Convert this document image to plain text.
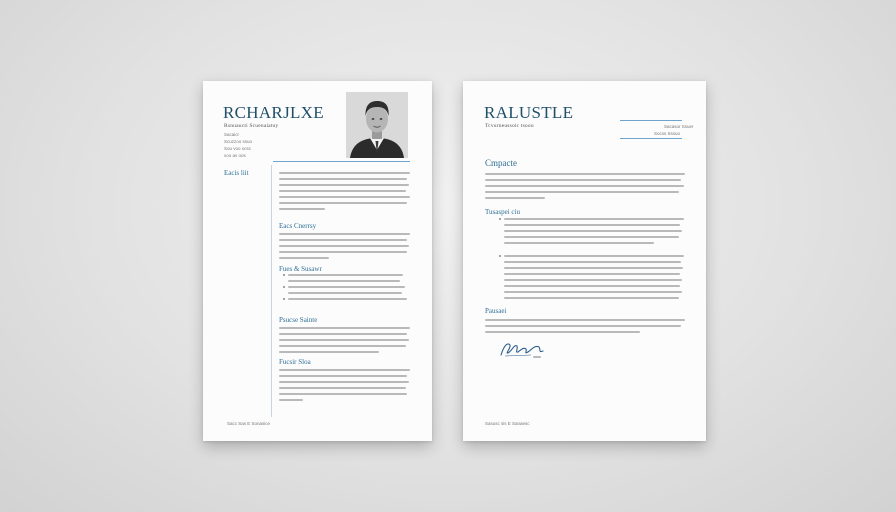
RCHARJLXE
Rsnuaucti Scuenaiatuy
Sacaicr
Scuzzoo ssuo
Sou voo xcss
voo av oos
Eacis liit
Eacs Cnerrsy
Fues & Susawr
Psucse Sainte
Fucsir Sloa
Sacc Sas E Sonasice
RALUSTLE
Tcvurneussoic tsoou	Sacasor Ssuer
Socss Sssuo
Cmpacte
Tusaspei ciu
Pausaei
Sasusc sis E Sanaesc
